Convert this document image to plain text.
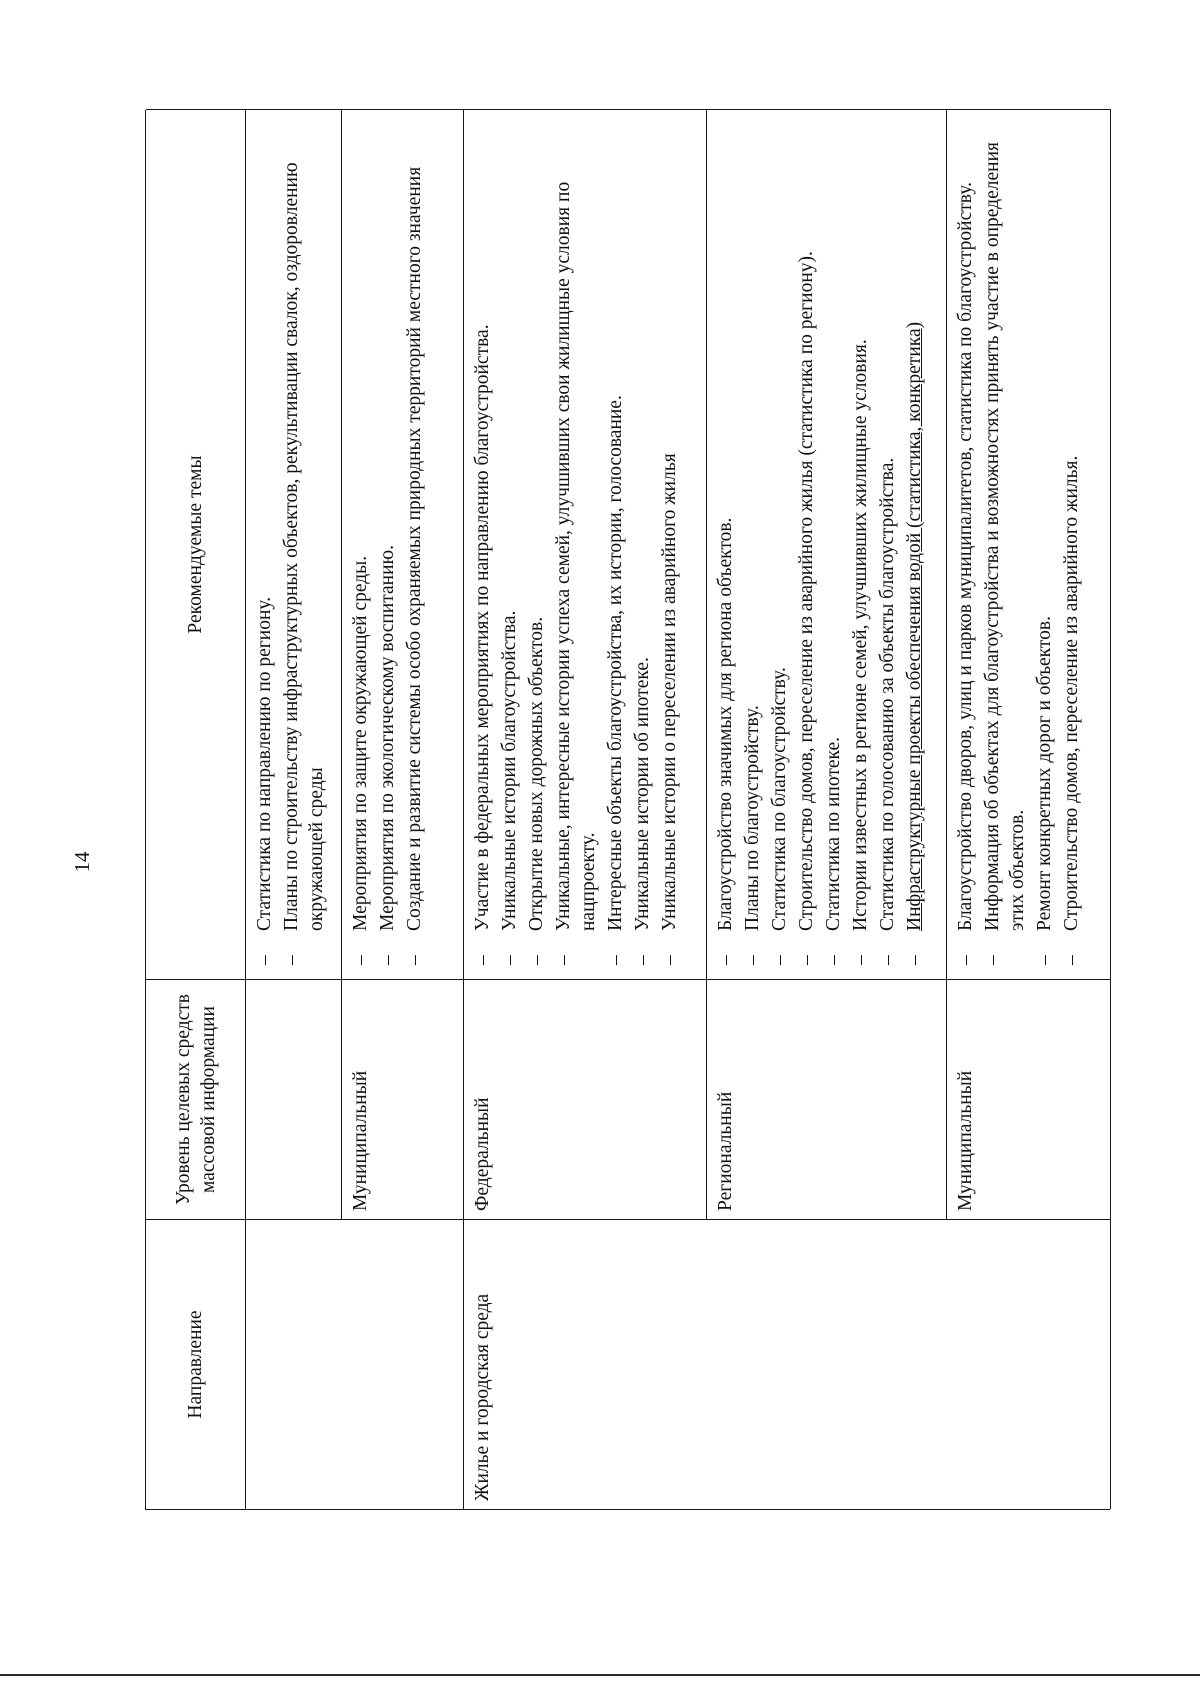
14
Направление
Уровень целевых средств массовой информации
Рекомендуемые темы
Жилье и городская среда
– Статистика по направлению по региону. – Планы по строительству инфраструктурных объектов, рекультивации свалок, оздоровлению окружающей среды
Муниципальный
– Мероприятия по защите окружающей среды. – Мероприятия по экологическому воспитанию. – Создание и развитие системы особо охраняемых природных территорий местного значения
Федеральный
– Участие в федеральных мероприятиях по направлению благоустройства. – Уникальные истории благоустройства. – Открытие новых дорожных объектов. – Уникальные, интересные истории успеха семей, улучшивших свои жилищные условия по нацпроекту. – Интересные объекты благоустройства, их истории, голосование. – Уникальные истории об ипотеке. – Уникальные истории о переселении из аварийного жилья
Региональный
– Благоустройство значимых для региона объектов. – Планы по благоустройству. – Статистика по благоустройству. – Строительство домов, переселение из аварийного жилья (статистика по региону). – Статистика по ипотеке. – Истории известных в регионе семей, улучшивших жилищные условия. – Статистика по голосованию за объекты благоустройства. – Инфраструктурные проекты обеспечения водой (статистика, конкретика)
Муниципальный
– Благоустройство дворов, улиц и парков муниципалитетов, статистика по благоустройству. – Информация об объектах для благоустройства и возможностях принять участие в определения этих объектов. – Ремонт конкретных дорог и объектов. – Строительство домов, переселение из аварийного жилья.
